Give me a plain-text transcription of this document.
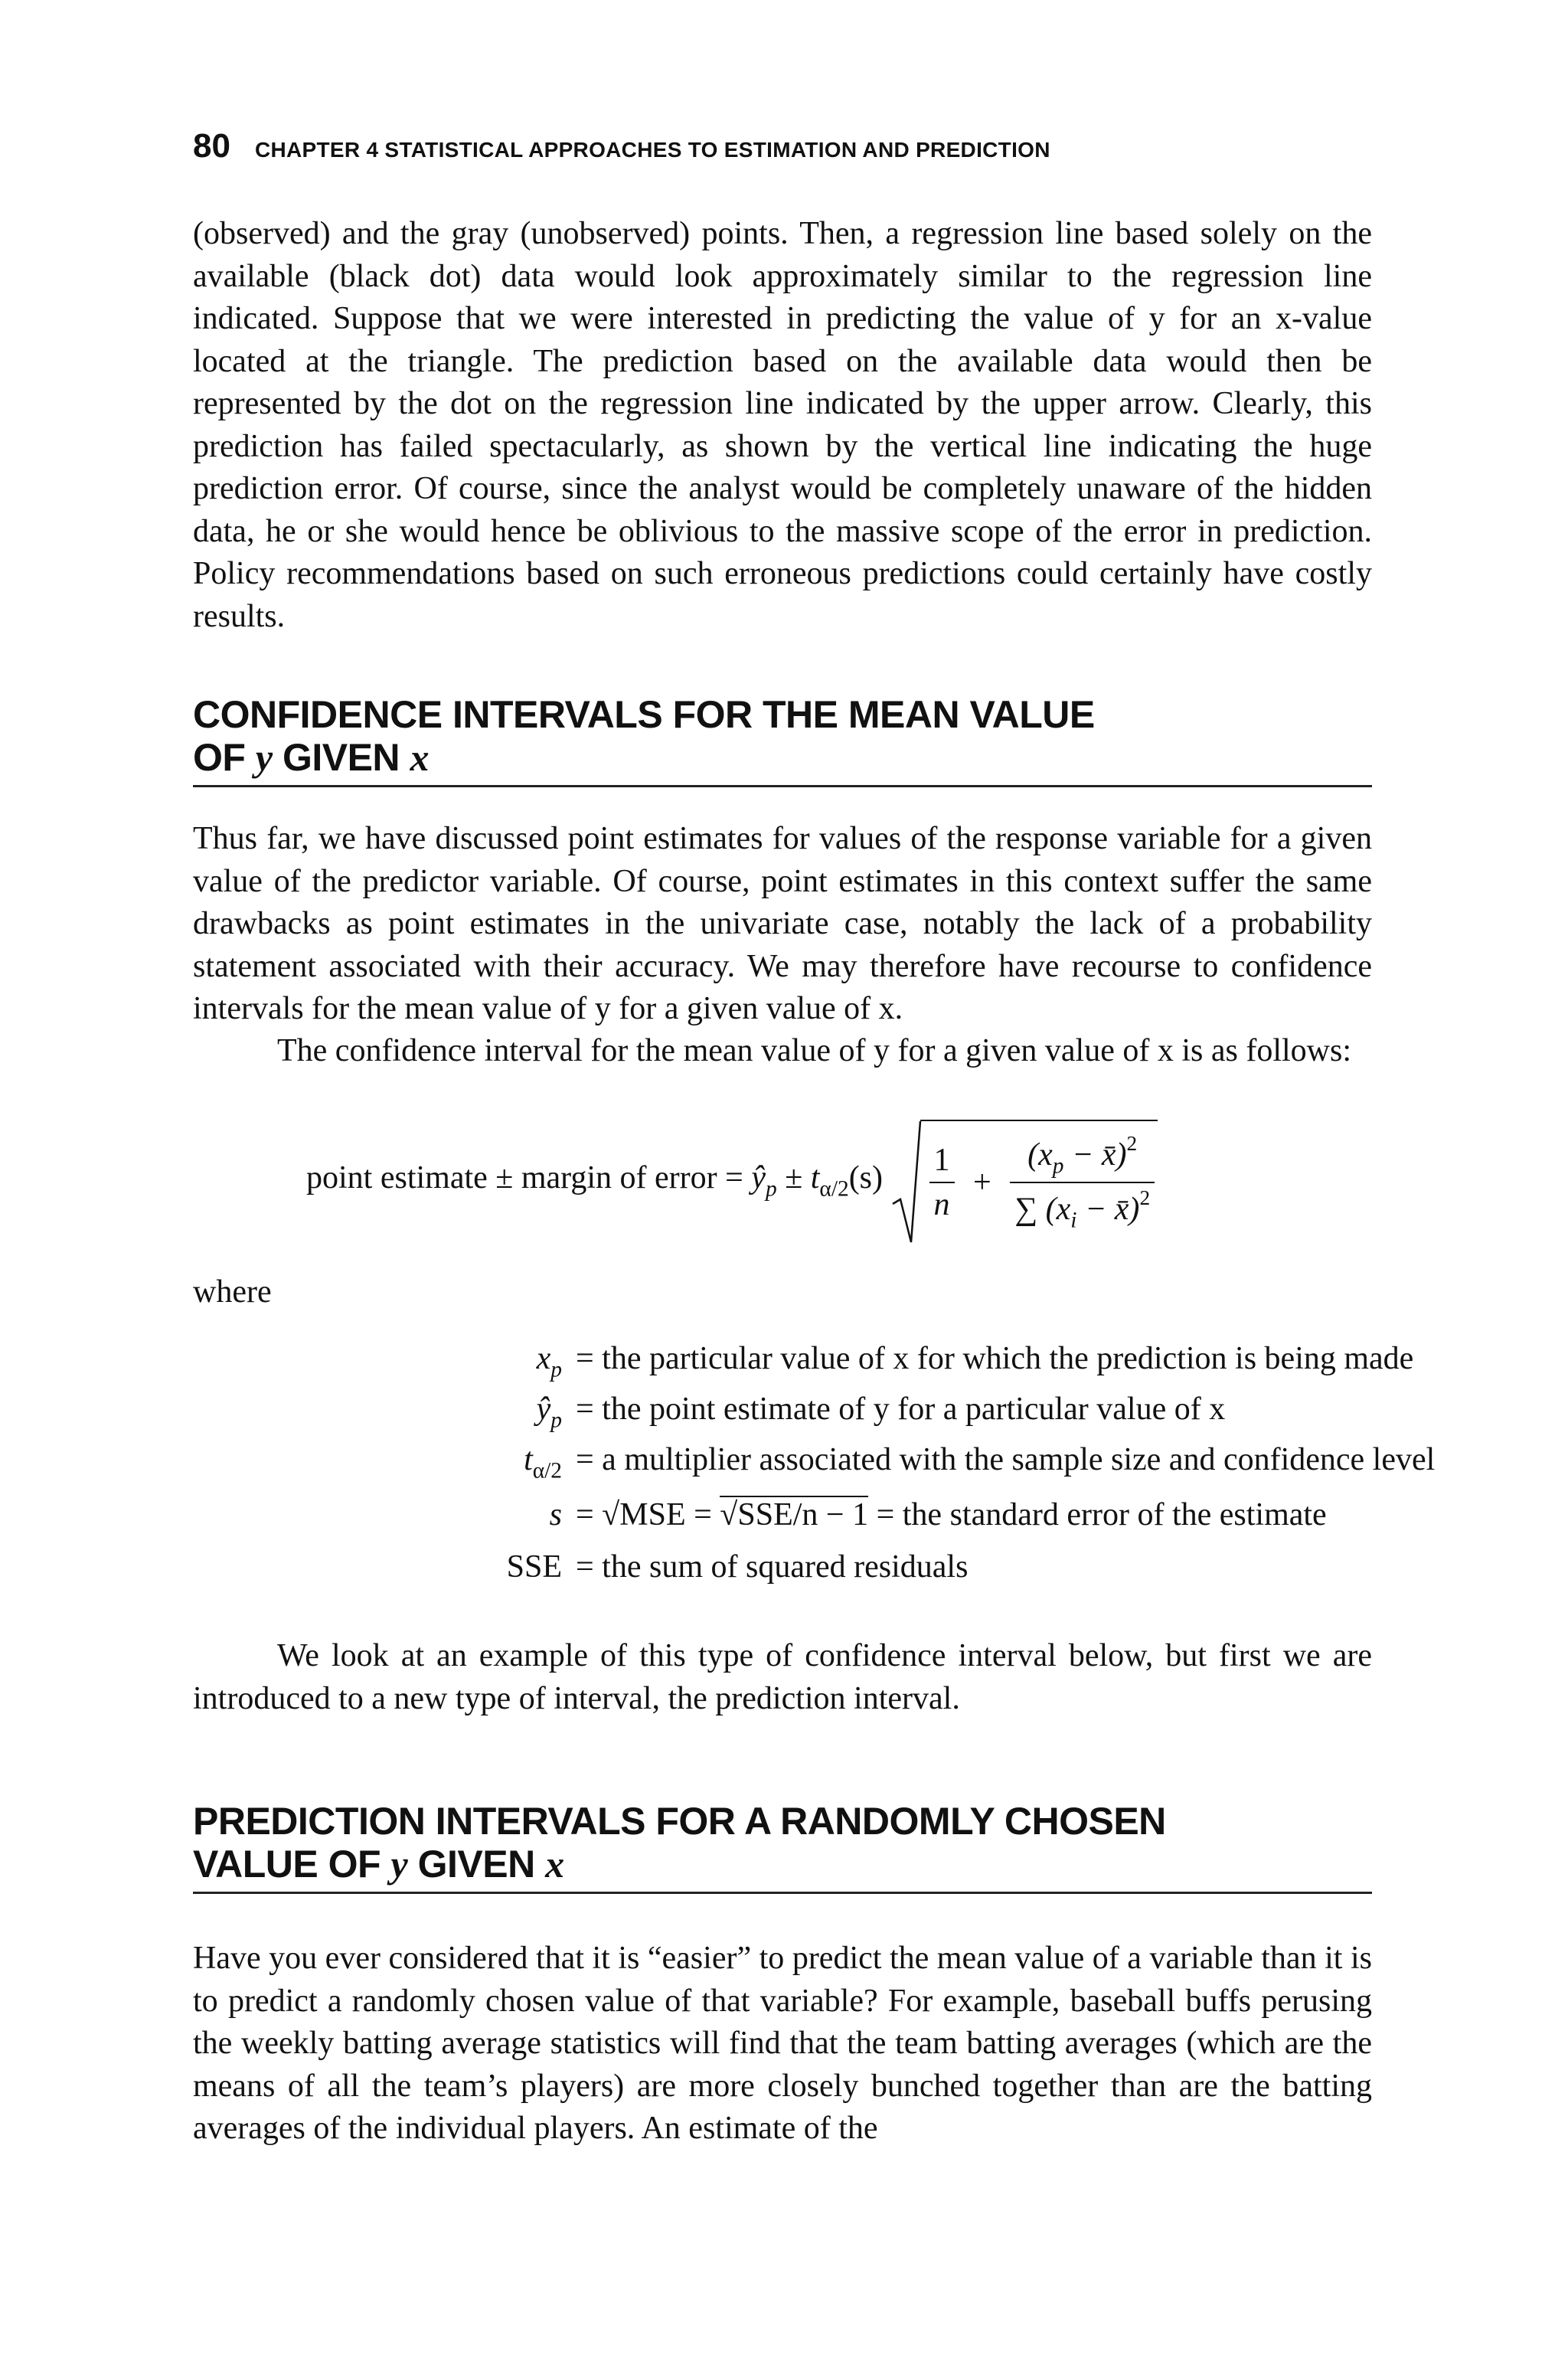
80 CHAPTER 4 STATISTICAL APPROACHES TO ESTIMATION AND PREDICTION
(observed) and the gray (unobserved) points. Then, a regression line based solely on the available (black dot) data would look approximately similar to the regression line indicated. Suppose that we were interested in predicting the value of y for an x-value located at the triangle. The prediction based on the available data would then be represented by the dot on the regression line indicated by the upper arrow. Clearly, this prediction has failed spectacularly, as shown by the vertical line indicating the huge prediction error. Of course, since the analyst would be completely unaware of the hidden data, he or she would hence be oblivious to the massive scope of the error in prediction. Policy recommendations based on such erroneous predictions could certainly have costly results.
CONFIDENCE INTERVALS FOR THE MEAN VALUE
OF y GIVEN x
Thus far, we have discussed point estimates for values of the response variable for a given value of the predictor variable. Of course, point estimates in this context suffer the same drawbacks as point estimates in the univariate case, notably the lack of a probability statement associated with their accuracy. We may therefore have recourse to confidence intervals for the mean value of y for a given value of x.
The confidence interval for the mean value of y for a given value of x is as follows:
point estimate ± margin of error = $ŷ_p \pm t_{\alpha/2}(s) \frac{1}{n} + \frac{(x_p - x̄)^2}{\sum (x_i - x̄)^2}$
where
$x_p$ = the particular value of x for which the prediction is being made
$ŷ_p$ = the point estimate of y for a particular value of x
$t_{\alpha/2} = a$ multiplier associated with the sample size and confidence level
s = √MSE = √SSE/n − 1 = the standard error of the estimate
SSE = the sum of squared residuals
We look at an example of this type of confidence interval below, but first we are introduced to a new type of interval, the prediction interval.
PREDICTION INTERVALS FOR A RANDOMLY CHOSEN
VALUE OF y GIVEN x
Have you ever considered that it is “easier” to predict the mean value of a variable than it is to predict a randomly chosen value of that variable? For example, baseball buffs perusing the weekly batting average statistics will find that the team batting averages (which are the means of all the team’s players) are more closely bunched together than are the batting averages of the individual players. An estimate of the
